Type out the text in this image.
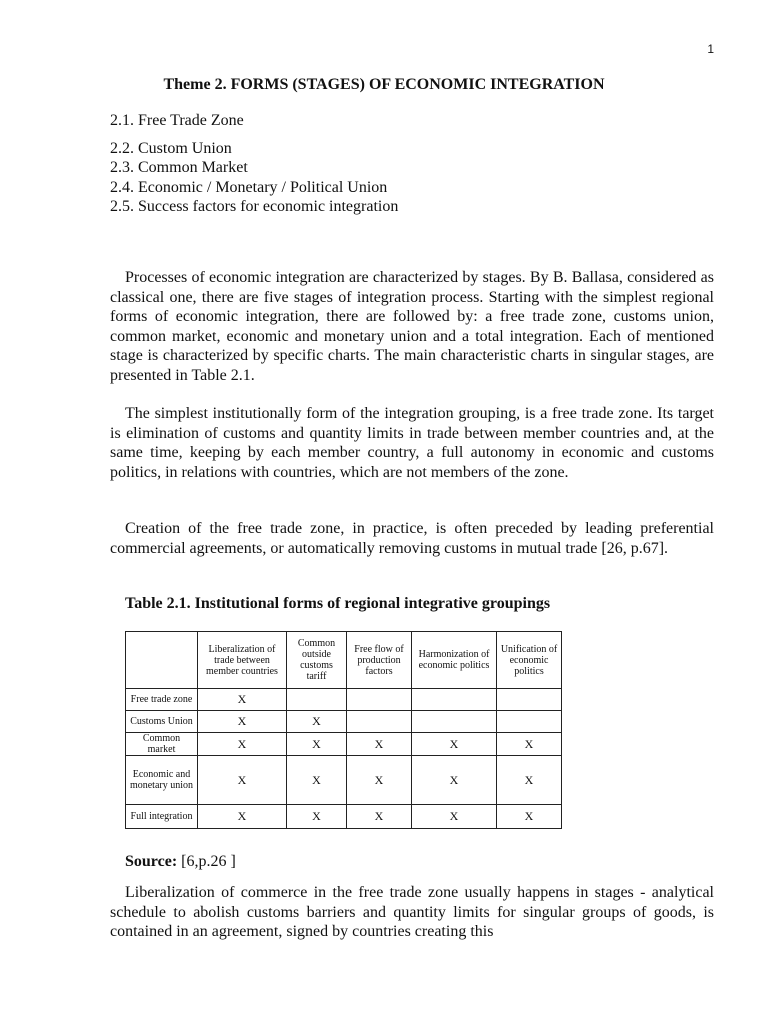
1
Theme 2. FORMS (STAGES) OF ECONOMIC INTEGRATION
2.1. Free Trade Zone
2.2. Custom Union
2.3. Common Market
2.4. Economic / Monetary / Political Union
2.5. Success factors for economic integration

Processes of economic integration are characterized by stages. By B. Ballasa, considered as classical one, there are five stages of integration process. Starting with the simplest regional forms of economic integration, there are followed by: a free trade zone, customs union, common market, economic and monetary union and a total integration. Each of mentioned stage is characterized by specific charts. The main characteristic charts in singular stages, are presented in Table 2.1.

The simplest institutionally form of the integration grouping, is a free trade zone. Its target is elimination of customs and quantity limits in trade between member countries and, at the same time, keeping by each member country, a full autonomy in economic and customs politics, in relations with countries, which are not members of the zone.

Creation of the free trade zone, in practice, is often preceded by leading preferential commercial agreements, or automatically removing customs in mutual trade [26, p.67].

Table 2.1. Institutional forms of regional integrative groupings
	Liberalization of trade between member countries	Common outside customs tariff	Free flow of production factors	Harmonization of economic politics	Unification of economic politics
Free trade zone	X				
Customs Union	X	X			
Common market	X	X	X	X	X
Economic and monetary union	X	X	X	X	X
Full integration	X	X	X	X	X
Source: [6,p.26 ]

Liberalization of commerce in the free trade zone usually happens in stages - analytical schedule to abolish customs barriers and quantity limits for singular groups of goods, is contained in an agreement, signed by countries creating this
